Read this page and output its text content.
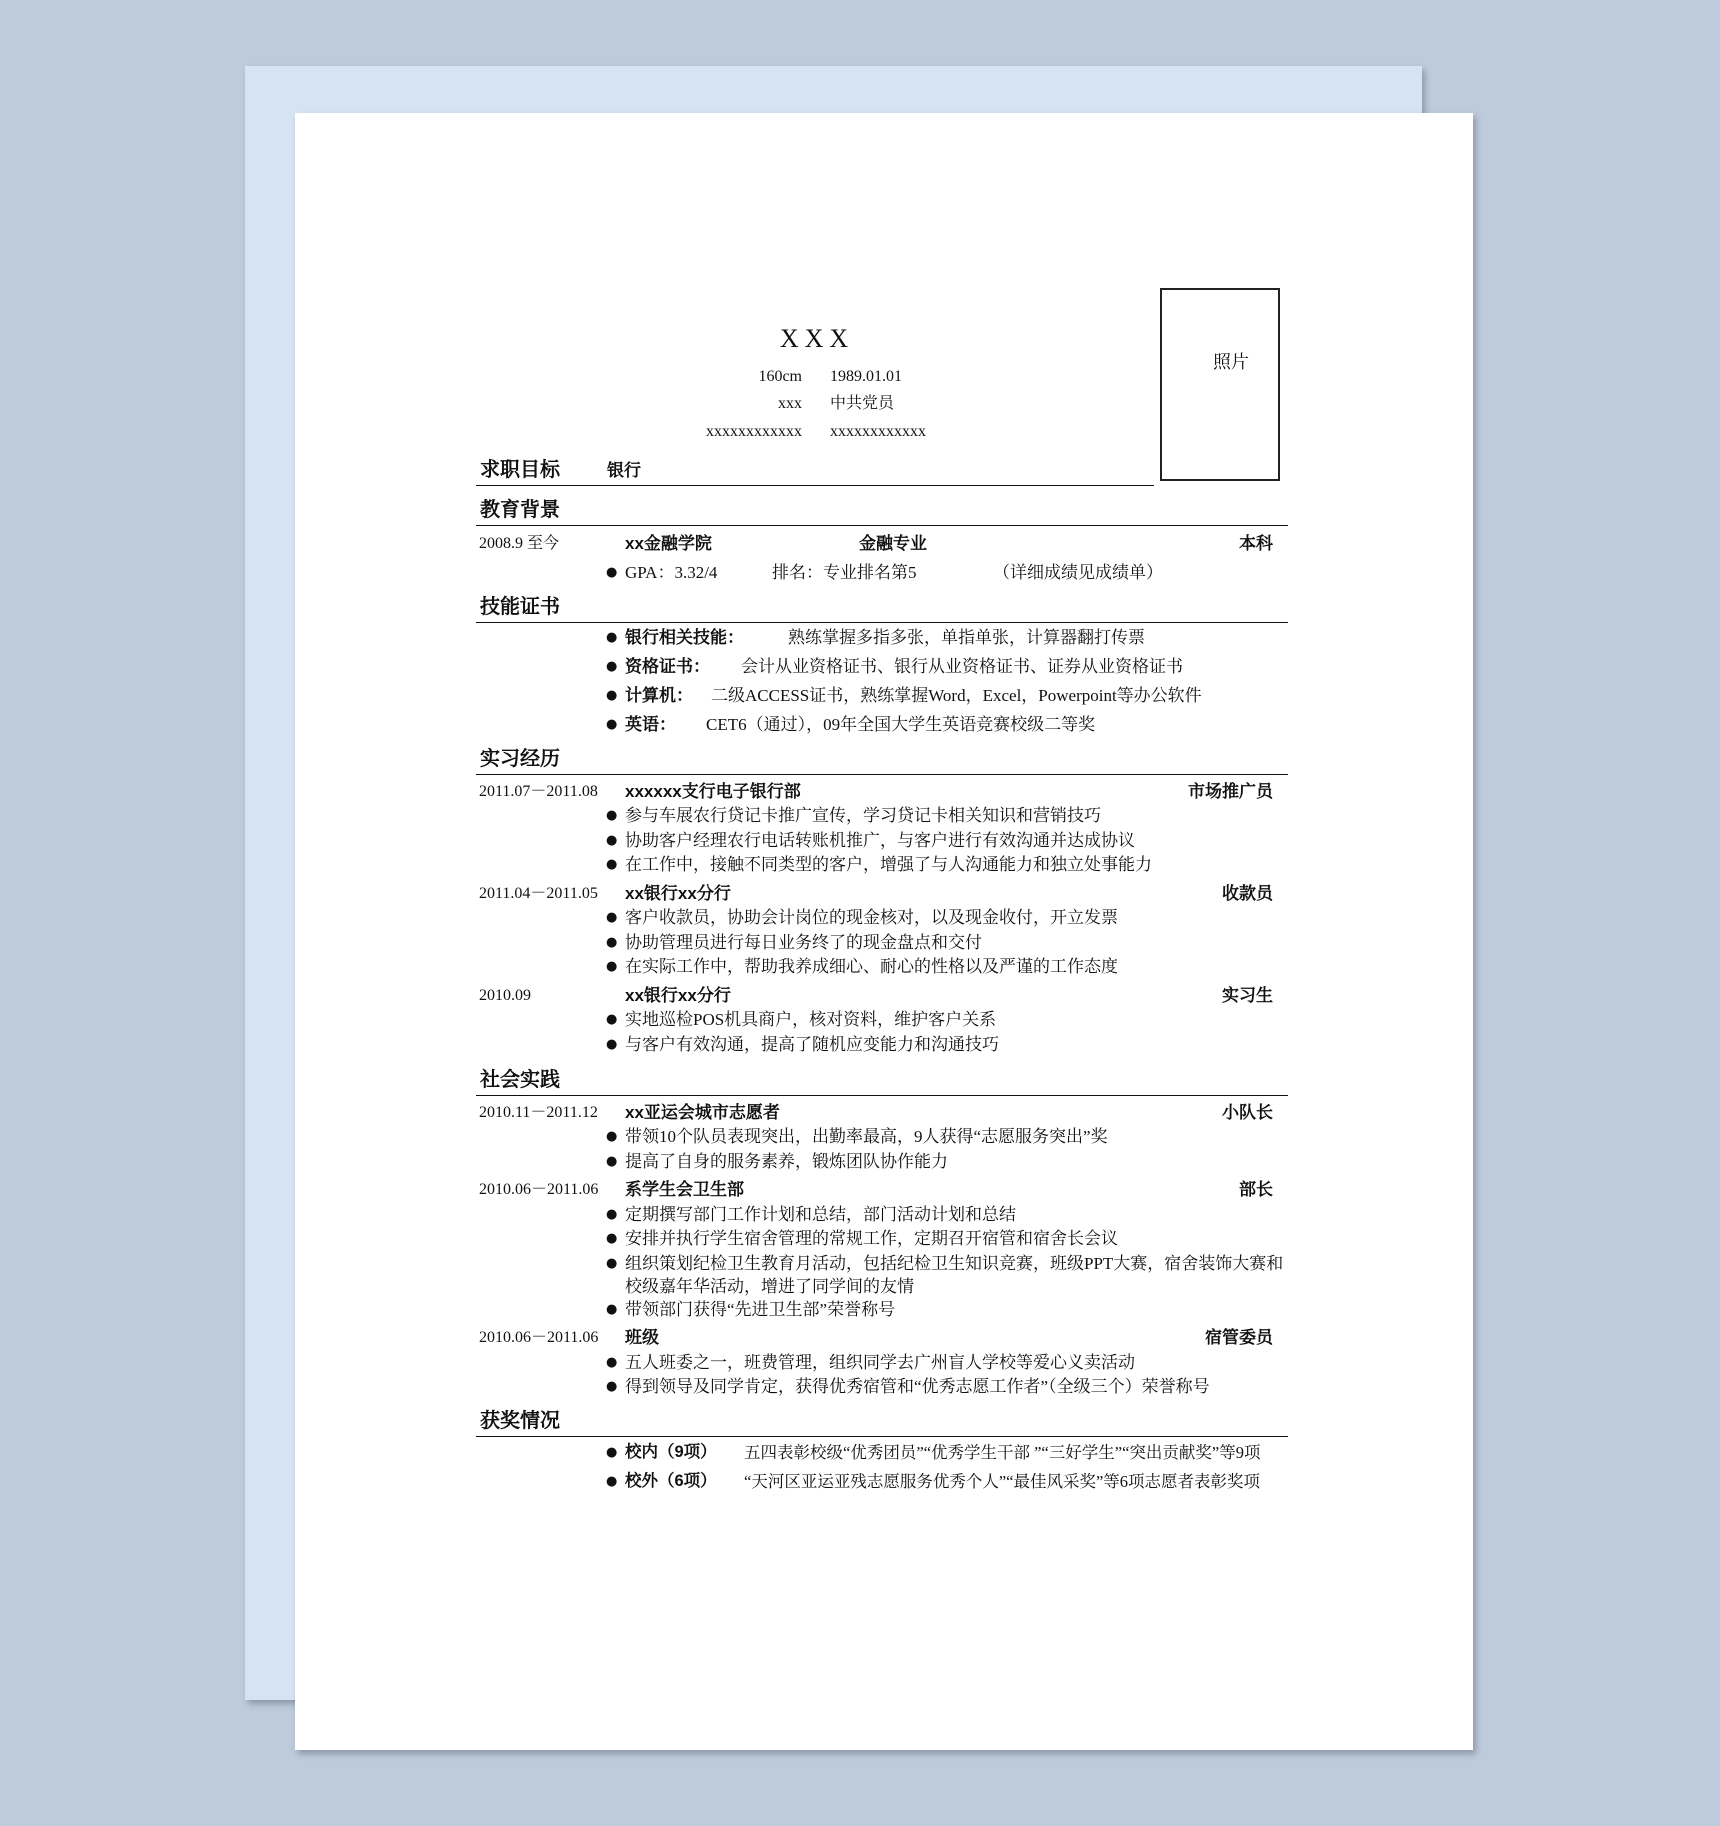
XXX
160cm 1989.01.01
xxx 中共党员
xxxxxxxxxxxx xxxxxxxxxxxx
照片
求职目标	银行
教育背景
2008.9 至今	xx金融学院	金融专业	本科
● GPA：3.32/4	排名：专业排名第5	（详细成绩见成绩单）
技能证书
● 银行相关技能：	熟练掌握多指多张，单指单张，计算器翻打传票
● 资格证书： 会计从业资格证书、银行从业资格证书、证券从业资格证书
● 计算机： 二级ACCESS证书，熟练掌握Word，Excel，Powerpoint等办公软件
● 英语： CET6（通过），09年全国大学生英语竞赛校级二等奖
实习经历
2011.07－2011.08 xxxxxx支行电子银行部	市场推广员
● 参与车展农行贷记卡推广宣传，学习贷记卡相关知识和营销技巧
● 协助客户经理农行电话转账机推广，与客户进行有效沟通并达成协议
● 在工作中，接触不同类型的客户，增强了与人沟通能力和独立处事能力
2011.04－2011.05 xx银行xx分行	收款员
● 客户收款员，协助会计岗位的现金核对，以及现金收付，开立发票
● 协助管理员进行每日业务终了的现金盘点和交付
● 在实际工作中，帮助我养成细心、耐心的性格以及严谨的工作态度
2010.09	xx银行xx分行	实习生
● 实地巡检POS机具商户，核对资料，维护客户关系
● 与客户有效沟通，提高了随机应变能力和沟通技巧
社会实践
2010.11－2011.12 xx亚运会城市志愿者	小队长
● 带领10个队员表现突出，出勤率最高，9人获得“志愿服务突出”奖
● 提高了自身的服务素养，锻炼团队协作能力
2010.06－2011.06 系学生会卫生部	部长
● 定期撰写部门工作计划和总结，部门活动计划和总结
● 安排并执行学生宿舍管理的常规工作，定期召开宿管和宿舍长会议
● 组织策划纪检卫生教育月活动，包括纪检卫生知识竞赛，班级PPT大赛，宿舍装饰大赛和校级嘉年华活动，增进了同学间的友情
● 带领部门获得“先进卫生部”荣誉称号
2010.06－2011.06 班级	宿管委员
● 五人班委之一，班费管理，组织同学去广州盲人学校等爱心义卖活动
● 得到领导及同学肯定，获得优秀宿管和“优秀志愿工作者”（全级三个）荣誉称号
获奖情况
● 校内（9项） 五四表彰校级“优秀团员”“优秀学生干部 ”“三好学生”“突出贡献奖”等9项
● 校外（6项） “天河区亚运亚残志愿服务优秀个人”“最佳风采奖”等6项志愿者表彰奖项
